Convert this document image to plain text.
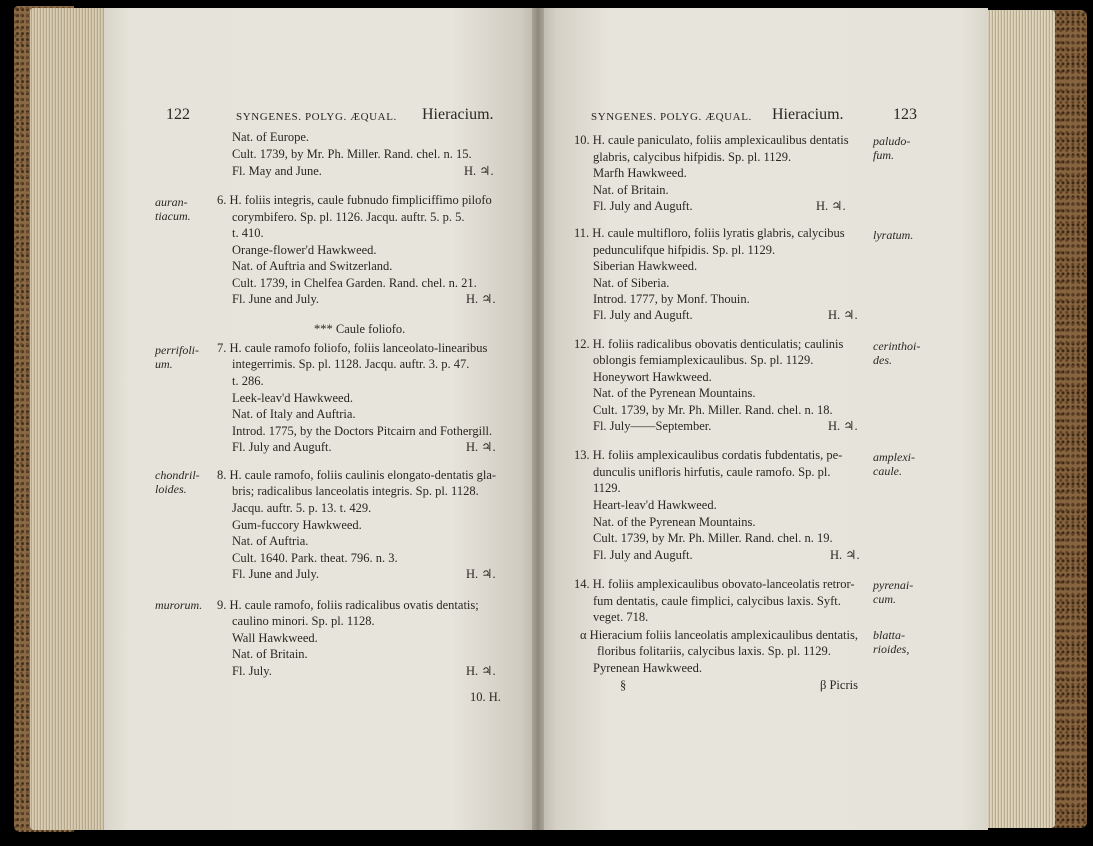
122	SYNGENES. POLYG. ÆQUAL. Hieracium.	SYNGENES. POLYG. ÆQUAL. Hieracium.	123
Nat. of Europe.
Cult. 1739, by Mr. Ph. Miller. Rand. chel. n. 15.
Fl. May and June.	H. ♃.
6. H. foliis integris, caule fubnudo fimpliciffimo pilofo
corymbifero. Sp. pl. 1126. Jacqu. auftr. 5. p. 5.
t. 410.
Orange-flower'd Hawkweed.
Nat. of Auftria and Switzerland.
Cult. 1739, in Chelfea Garden. Rand. chel. n. 21.
Fl. June and July.	H. ♃.
*** Caule foliofo.
7. H. caule ramofo foliofo, foliis lanceolato-linearibus
integerrimis. Sp. pl. 1128. Jacqu. auftr. 3. p. 47.
t. 286.
Leek-leav'd Hawkweed.
Nat. of Italy and Auftria.
Introd. 1775, by the Doctors Pitcairn and Fothergill.
Fl. July and Auguft.	H. ♃.
8. H. caule ramofo, foliis caulinis elongato-dentatis gla-
bris; radicalibus lanceolatis integris. Sp. pl. 1128.
Jacqu. auftr. 5. p. 13. t. 429.
Gum-fuccory Hawkweed.
Nat. of Auftria.
Cult. 1640. Park. theat. 796. n. 3.
Fl. June and July.	H. ♃.
9. H. caule ramofo, foliis radicalibus ovatis dentatis;
caulino minori. Sp. pl. 1128.
Wall Hawkweed.
Nat. of Britain.
Fl. July.	H. ♃.
10. H.
auran-
tiacum.
perrifoli-
um.
chondril-
loides.
murorum.
10. H. caule paniculato, foliis amplexicaulibus dentatis
glabris, calycibus hifpidis. Sp. pl. 1129.
Marfh Hawkweed.
Nat. of Britain.
Fl. July and Auguft.	H. ♃.
11. H. caule multifloro, foliis lyratis glabris, calycibus
pedunculifque hifpidis. Sp. pl. 1129.
Siberian Hawkweed.
Nat. of Siberia.
Introd. 1777, by Monf. Thouin.
Fl. July and Auguft.	H. ♃.
12. H. foliis radicalibus obovatis denticulatis; caulinis
oblongis femiamplexicaulibus. Sp. pl. 1129.
Honeywort Hawkweed.
Nat. of the Pyrenean Mountains.
Cult. 1739, by Mr. Ph. Miller. Rand. chel. n. 18.
Fl. July——September.	H. ♃.
13. H. foliis amplexicaulibus cordatis fubdentatis, pe-
dunculis unifloris hirfutis, caule ramofo. Sp. pl.
1129.
Heart-leav'd Hawkweed.
Nat. of the Pyrenean Mountains.
Cult. 1739, by Mr. Ph. Miller. Rand. chel. n. 19.
Fl. July and Auguft.	H. ♃.
14. H. foliis amplexicaulibus obovato-lanceolatis retror-
fum dentatis, caule fimplici, calycibus laxis. Syft.
veget. 718.
α Hieracium foliis lanceolatis amplexicaulibus dentatis,
floribus folitariis, calycibus laxis. Sp. pl. 1129.
Pyrenean Hawkweed.
§	β Picris
paludo-
fum.
lyratum.
cerinthoi-
des.
amplexi-
caule.
pyrenai-
cum.
blatta-
rioides,
